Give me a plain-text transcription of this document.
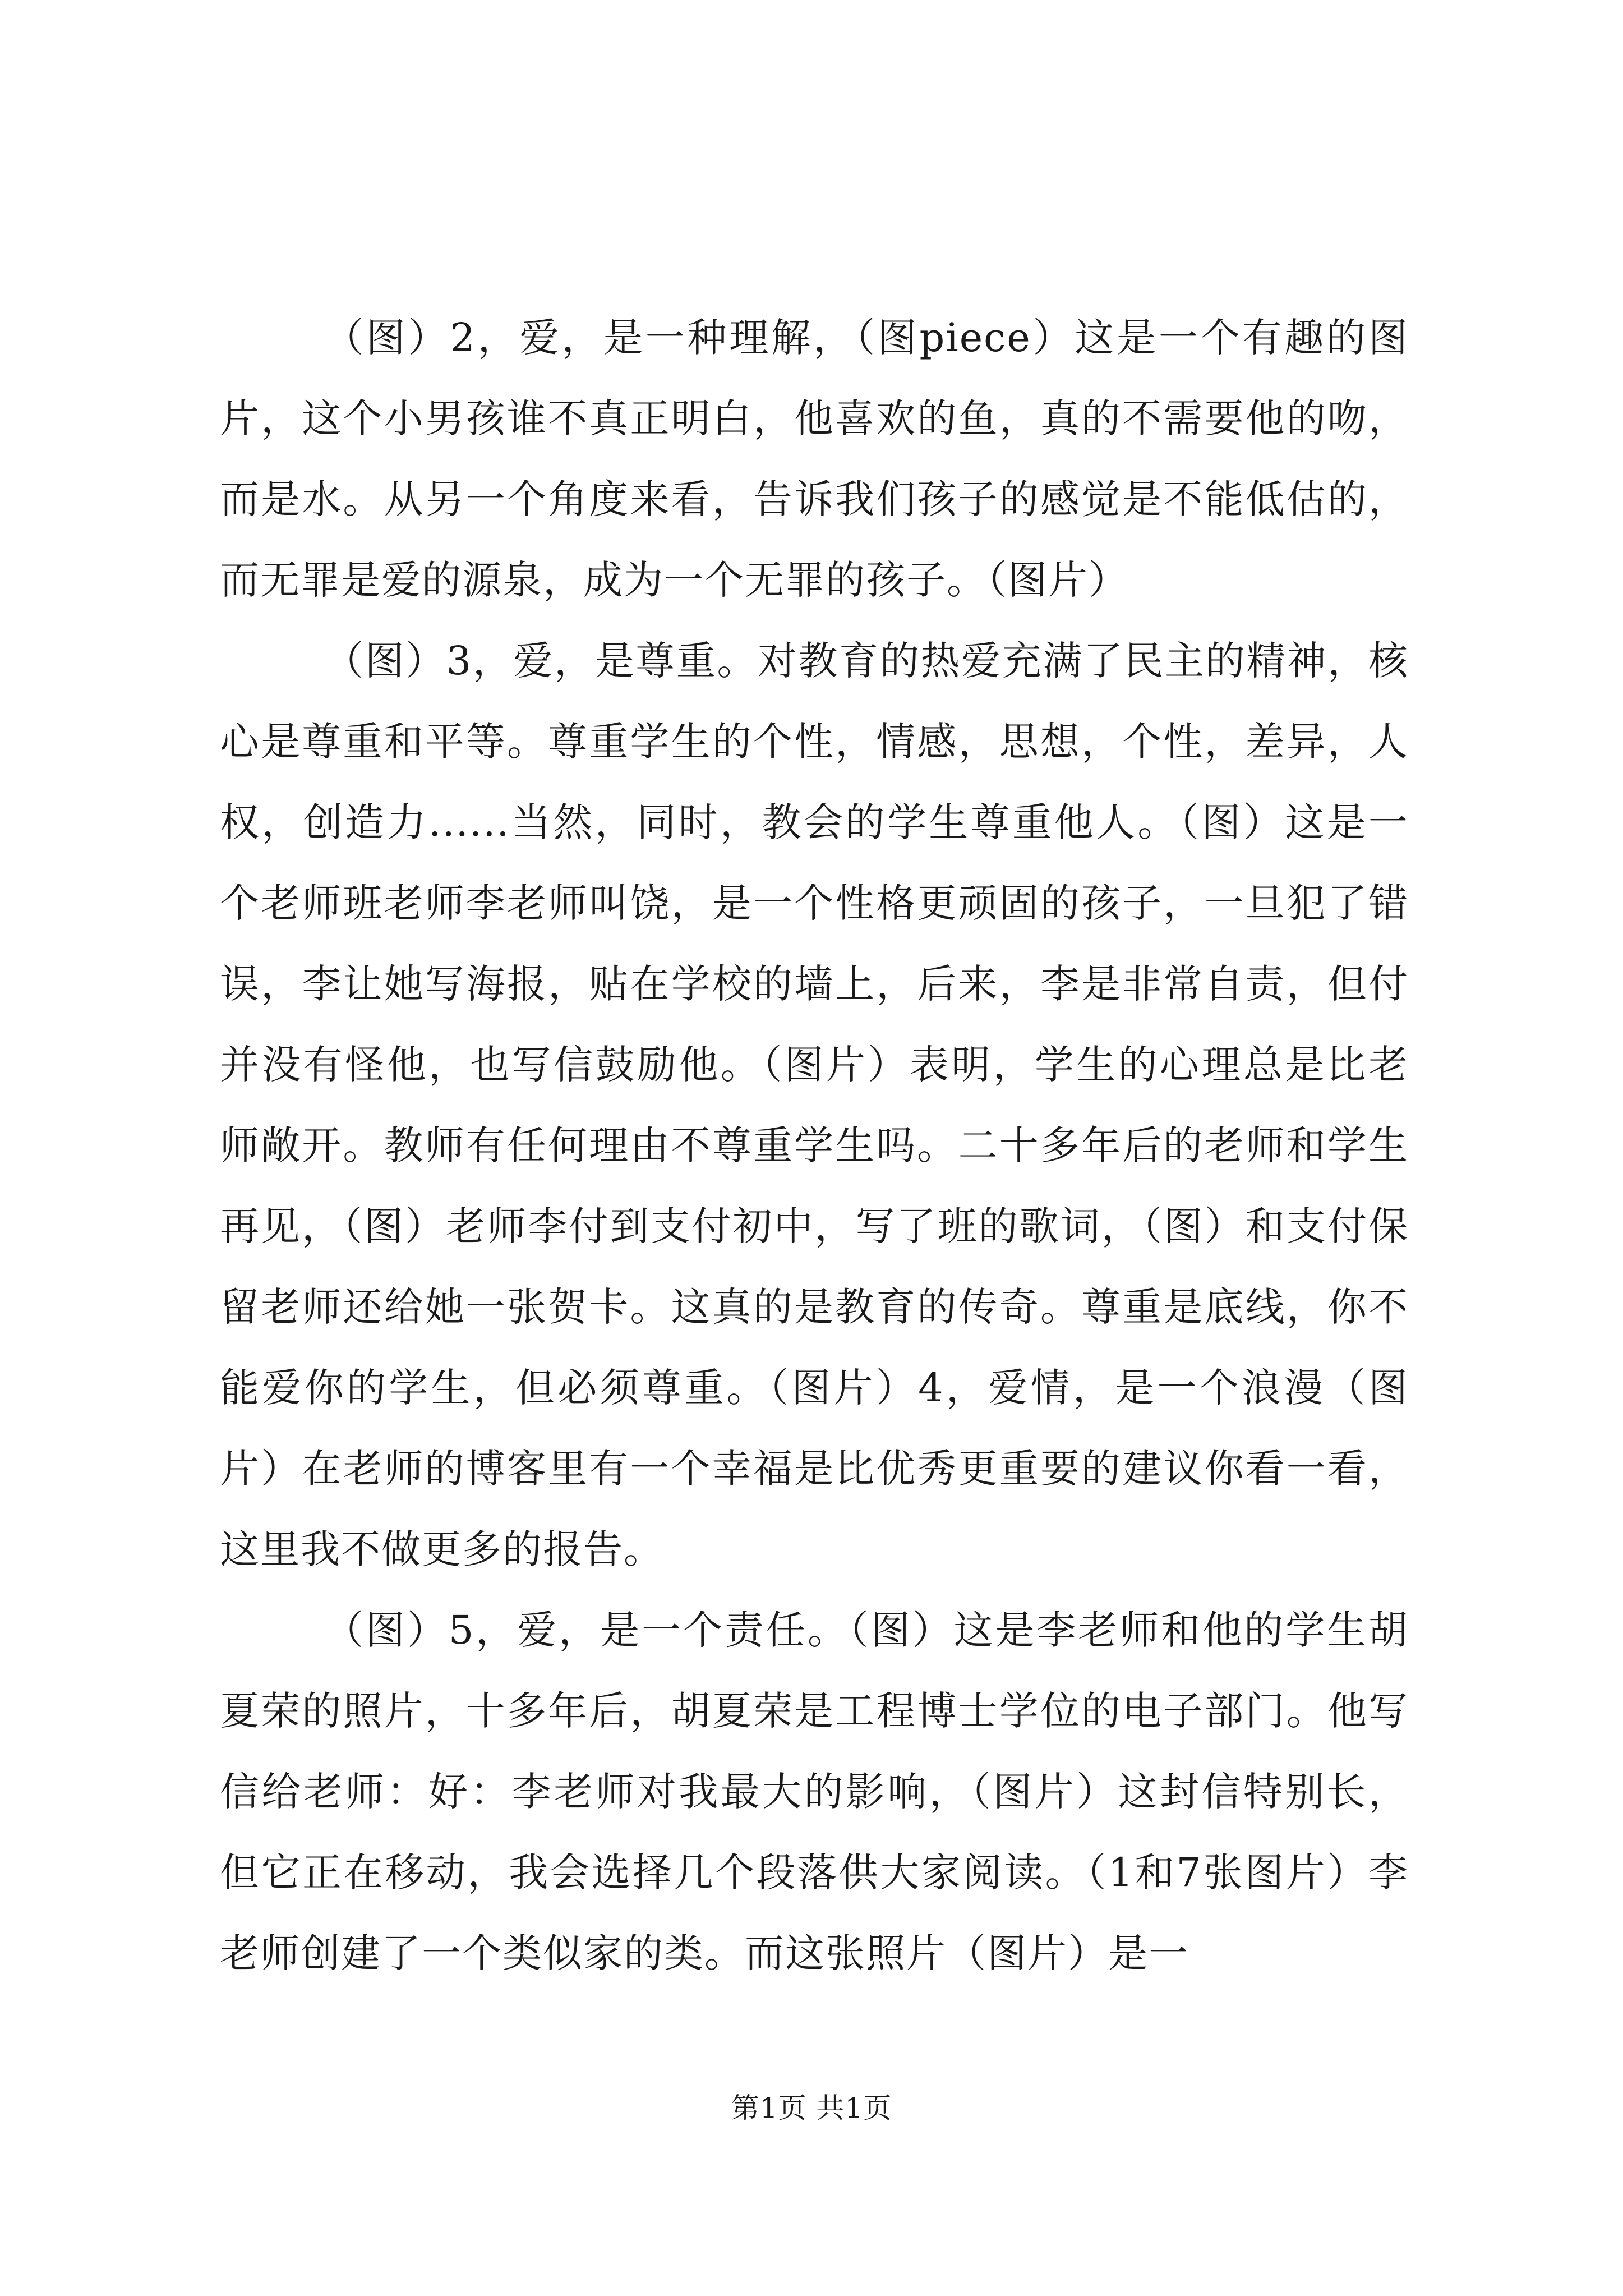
（图）2，爱，是一种理解，（图piece）这是一个有趣的图片，这个小男孩谁不真正明白，他喜欢的鱼，真的不需要他的吻，而是水。从另一个角度来看，告诉我们孩子的感觉是不能低估的，而无罪是爱的源泉，成为一个无罪的孩子。（图片）

（图）3，爱，是尊重。对教育的热爱充满了民主的精神，核心是尊重和平等。尊重学生的个性，情感，思想，个性，差异，人权，创造力......当然，同时，教会的学生尊重他人。（图）这是一个老师班老师李老师叫饶，是一个性格更顽固的孩子，一旦犯了错误，李让她写海报，贴在学校的墙上，后来，李是非常自责，但付并没有怪他，也写信鼓励他。（图片）表明，学生的心理总是比老师敞开。教师有任何理由不尊重学生吗。二十多年后的老师和学生再见，（图）老师李付到支付初中，写了班的歌词，（图）和支付保留老师还给她一张贺卡。这真的是教育的传奇。尊重是底线，你不能爱你的学生，但必须尊重。（图片）4，爱情，是一个浪漫（图片）在老师的博客里有一个幸福是比优秀更重要的建议你看一看，这里我不做更多的报告。

（图）5，爱，是一个责任。（图）这是李老师和他的学生胡夏荣的照片，十多年后，胡夏荣是工程博士学位的电子部门。他写信给老师：好：李老师对我最大的影响，（图片）这封信特别长，但它正在移动，我会选择几个段落供大家阅读。（1和7张图片）李老师创建了一个类似家的类。而这张照片（图片）是一

第1页 共1页
